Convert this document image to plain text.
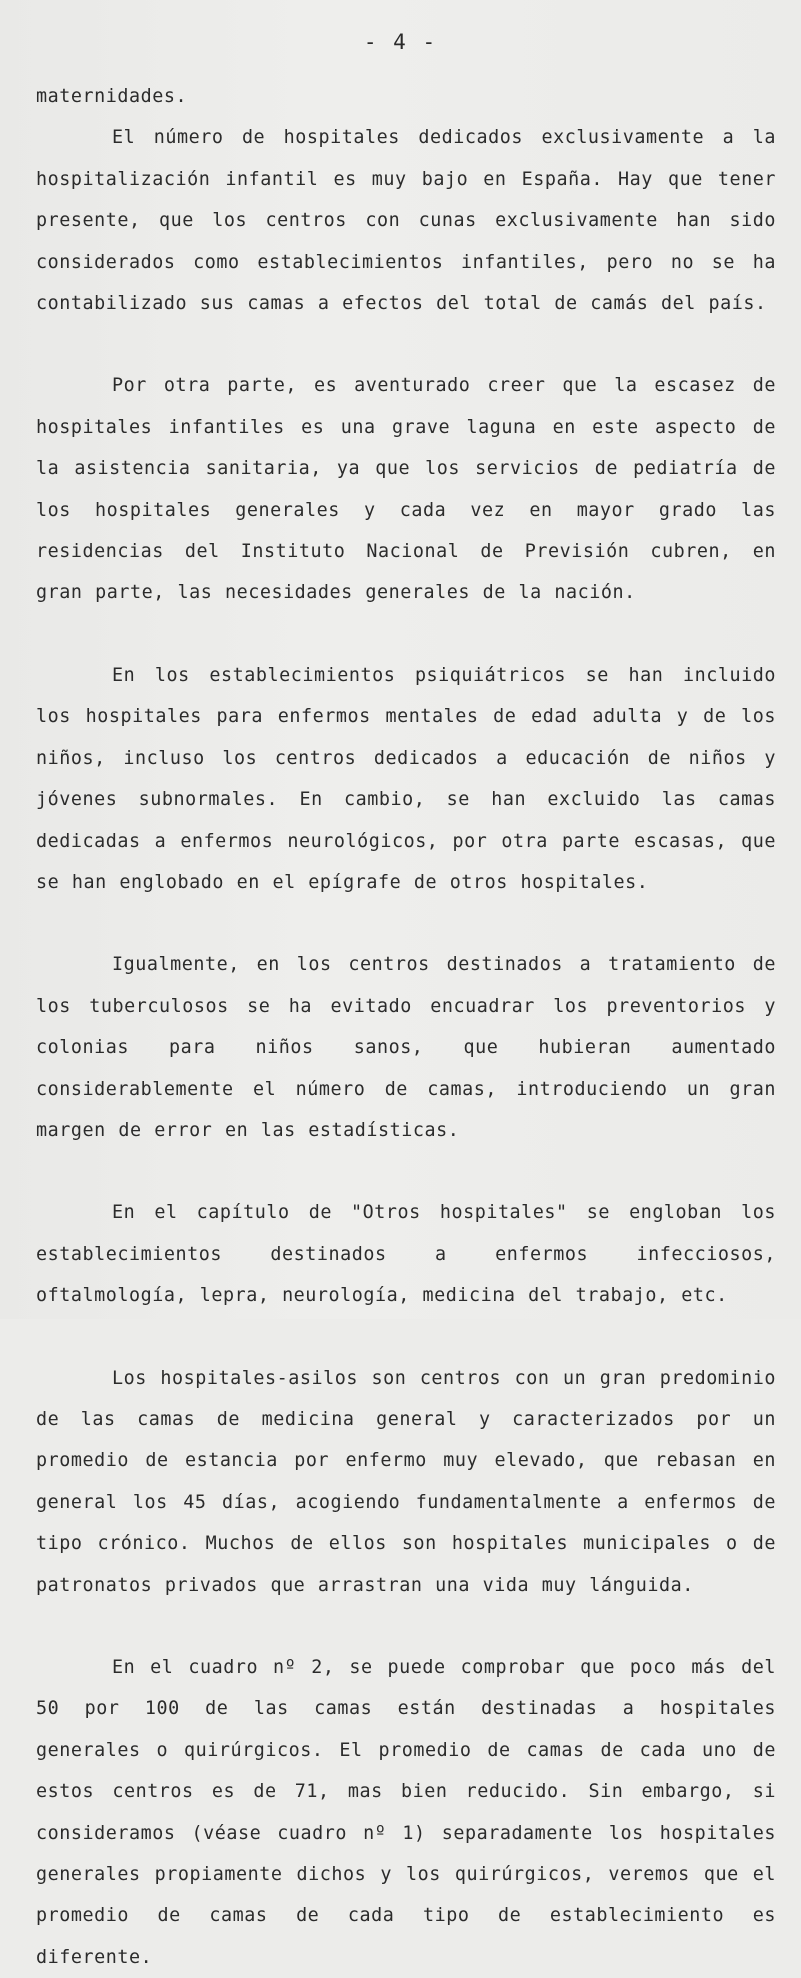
- 4 -

maternidades.

El número de hospitales dedicados exclusivamente a la hospitalización infantil es muy bajo en España. Hay que tener presente, que los centros con cunas exclusivamente han sido considerados como establecimientos infantiles, pero no se ha contabilizado sus camas a efectos del total de camás del país.

Por otra parte, es aventurado creer que la escasez de hospitales infantiles es una grave laguna en este aspecto de la asistencia sanitaria, ya que los servicios de pediatría de los hospitales generales y cada vez en mayor grado las residencias del Instituto Nacional de Previsión cubren, en gran parte, las necesidades generales de la nación.

En los establecimientos psiquiátricos se han incluido los hospitales para enfermos mentales de edad adulta y de los niños, incluso los centros dedicados a educación de niños y jóvenes subnormales. En cambio, se han excluido las camas dedicadas a enfermos neurológicos, por otra parte escasas, que se han englobado en el epígrafe de otros hospitales.

Igualmente, en los centros destinados a tratamiento de los tuberculosos se ha evitado encuadrar los preventorios y colonias para niños sanos, que hubieran aumentado considerablemente el número de camas, introduciendo un gran margen de error en las estadísticas.

En el capítulo de "Otros hospitales" se engloban los establecimientos destinados a enfermos infecciosos, oftalmología, lepra, neurología, medicina del trabajo, etc.

Los hospitales-asilos son centros con un gran predominio de las camas de medicina general y caracterizados por un promedio de estancia por enfermo muy elevado, que rebasan en general los 45 días, acogiendo fundamentalmente a enfermos de tipo crónico. Muchos de ellos son hospitales municipales o de patronatos privados que arrastran una vida muy lánguida.

En el cuadro nº 2, se puede comprobar que poco más del 50 por 100 de las camas están destinadas a hospitales generales o quirúrgicos. El promedio de camas de cada uno de estos centros es de 71, mas bien reducido. Sin embargo, si consideramos (véase cuadro nº 1) separadamente los hospitales generales propiamente dichos y los quirúrgicos, veremos que el promedio de camas de cada tipo de establecimiento es diferente.
